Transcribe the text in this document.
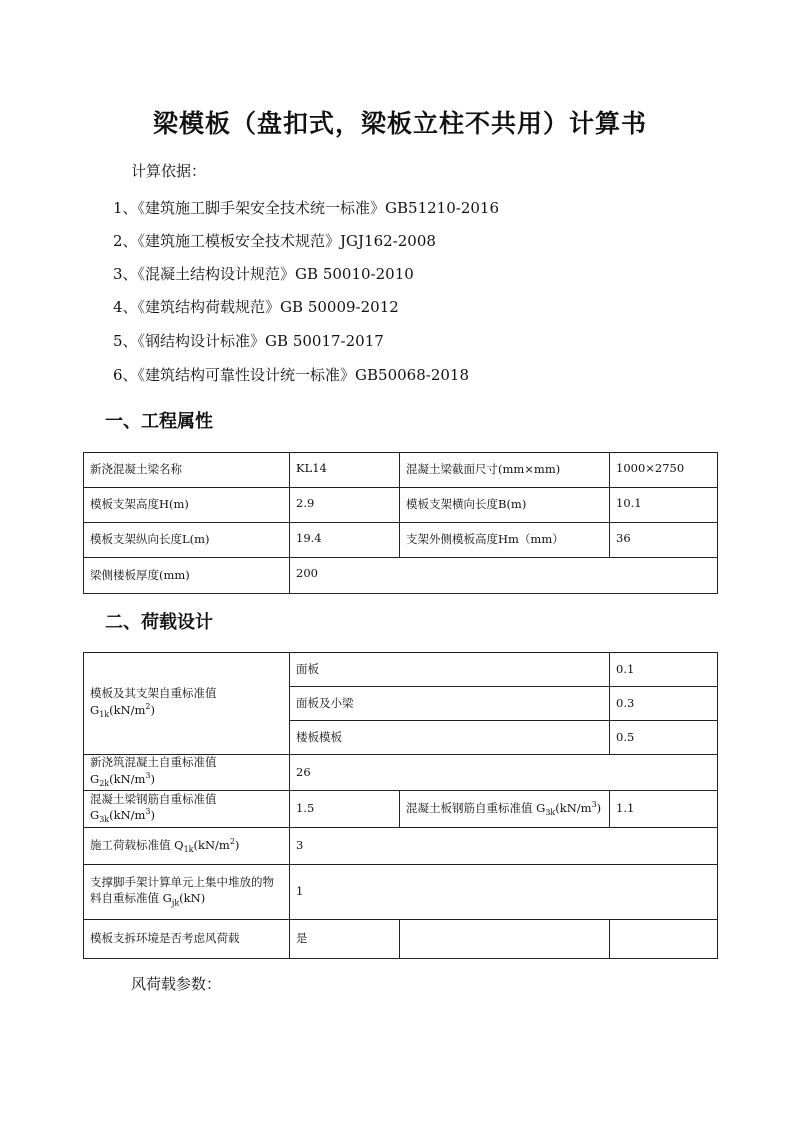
梁模板（盘扣式，梁板立柱不共用）计算书
计算依据：
1、《建筑施工脚手架安全技术统一标准》GB51210-2016
2、《建筑施工模板安全技术规范》JGJ162-2008
3、《混凝土结构设计规范》GB 50010-2010
4、《建筑结构荷载规范》GB 50009-2012
5、《钢结构设计标准》GB 50017-2017
6、《建筑结构可靠性设计统一标准》GB50068-2018
一、工程属性
新浇混凝土梁名称	KL14	混凝土梁截面尺寸(mm×mm)	1000×2750
模板支架高度H(m)	2.9	模板支架横向长度B(m)	10.1
模板支架纵向长度L(m)	19.4	支架外侧模板高度Hm（mm）	36
梁侧楼板厚度(mm)	200		
二、荷载设计
模板及其支架自重标准值 $G_{1k}(kN/m^2)$	面板		0.1
	面板及小梁		0.3
	楼板模板		0.5
新浇筑混凝土自重标准值 $G_{2k}(kN/m^3)$	26		
混凝土梁钢筋自重标准值 $G_{3k}(kN/m^3)$	1.5	混凝土板钢筋自重标准值 $G_{3k}(kN/m^3)$	1.1
施工荷载标准值 $Q_{1k}(kN/m^2)$	3		
支撑脚手架计算单元上集中堆放的物料自重标准值 $G_{jk}(kN)$	1		
模板支拆环境是否考虑风荷载	是		
风荷载参数：
